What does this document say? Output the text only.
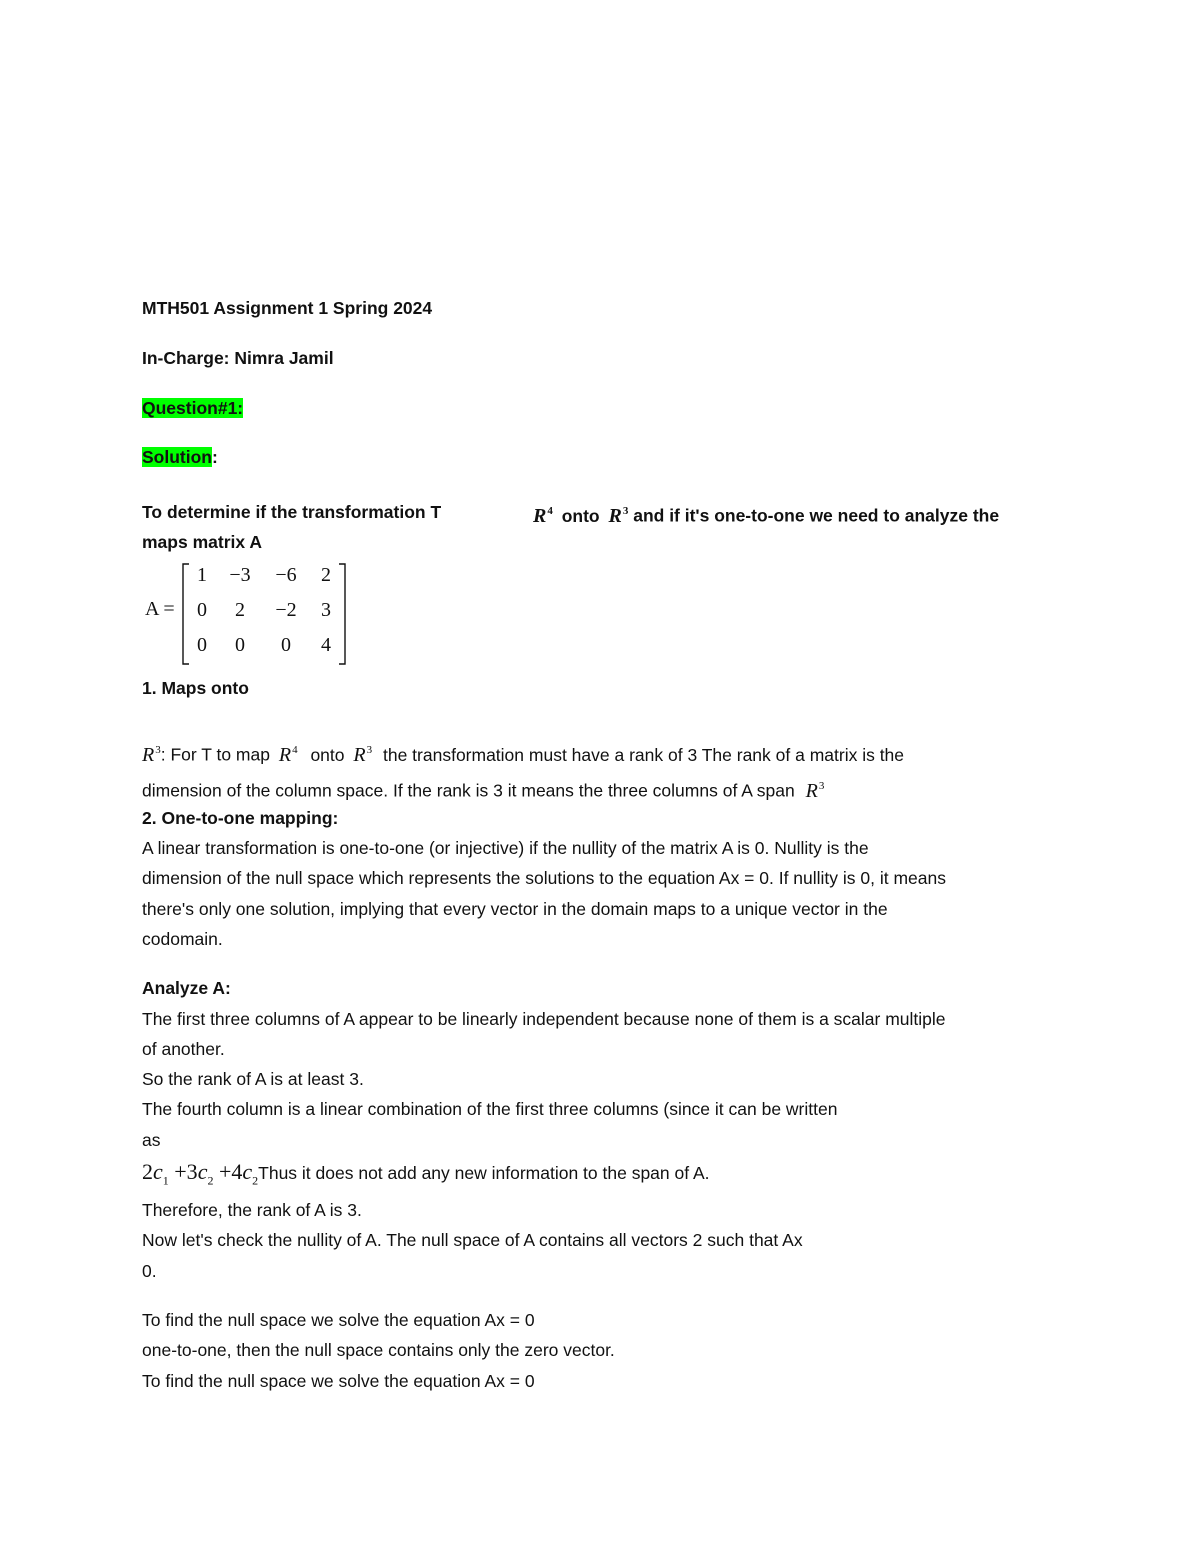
MTH501 Assignment 1 Spring 2024
In-Charge: Nimra Jamil
Question#1:
Solution:
To determine if the transformation T	$R^4$ onto $R^3$ and if it's one-to-one we need to analyze the
maps matrix A
A =
1	−3	−6	2
0	2	−2	3
0	0	0	4
1. Maps onto
$R^3$: For T to map $R^4$ onto $R^3$ the transformation must have a rank of 3 The rank of a matrix is the
dimension of the column space. If the rank is 3 it means the three columns of A span $R^3$
2. One-to-one mapping:
A linear transformation is one-to-one (or injective) if the nullity of the matrix A is 0. Nullity is the
dimension of the null space which represents the solutions to the equation Ax = 0. If nullity is 0, it means
there's only one solution, implying that every vector in the domain maps to a unique vector in the
codomain.
Analyze A:
The first three columns of A appear to be linearly independent because none of them is a scalar multiple
of another.
So the rank of A is at least 3.
The fourth column is a linear combination of the first three columns (since it can be written
as
$2c_1 +3c_2$ $+4c_2Thus$ it does not add any new information to the span of A.
Therefore, the rank of A is 3.
Now let's check the nullity of A. The null space of A contains all vectors 2 such that Ax
0.
To find the null space we solve the equation Ax = 0
one-to-one, then the null space contains only the zero vector.
To find the null space we solve the equation Ax = 0
